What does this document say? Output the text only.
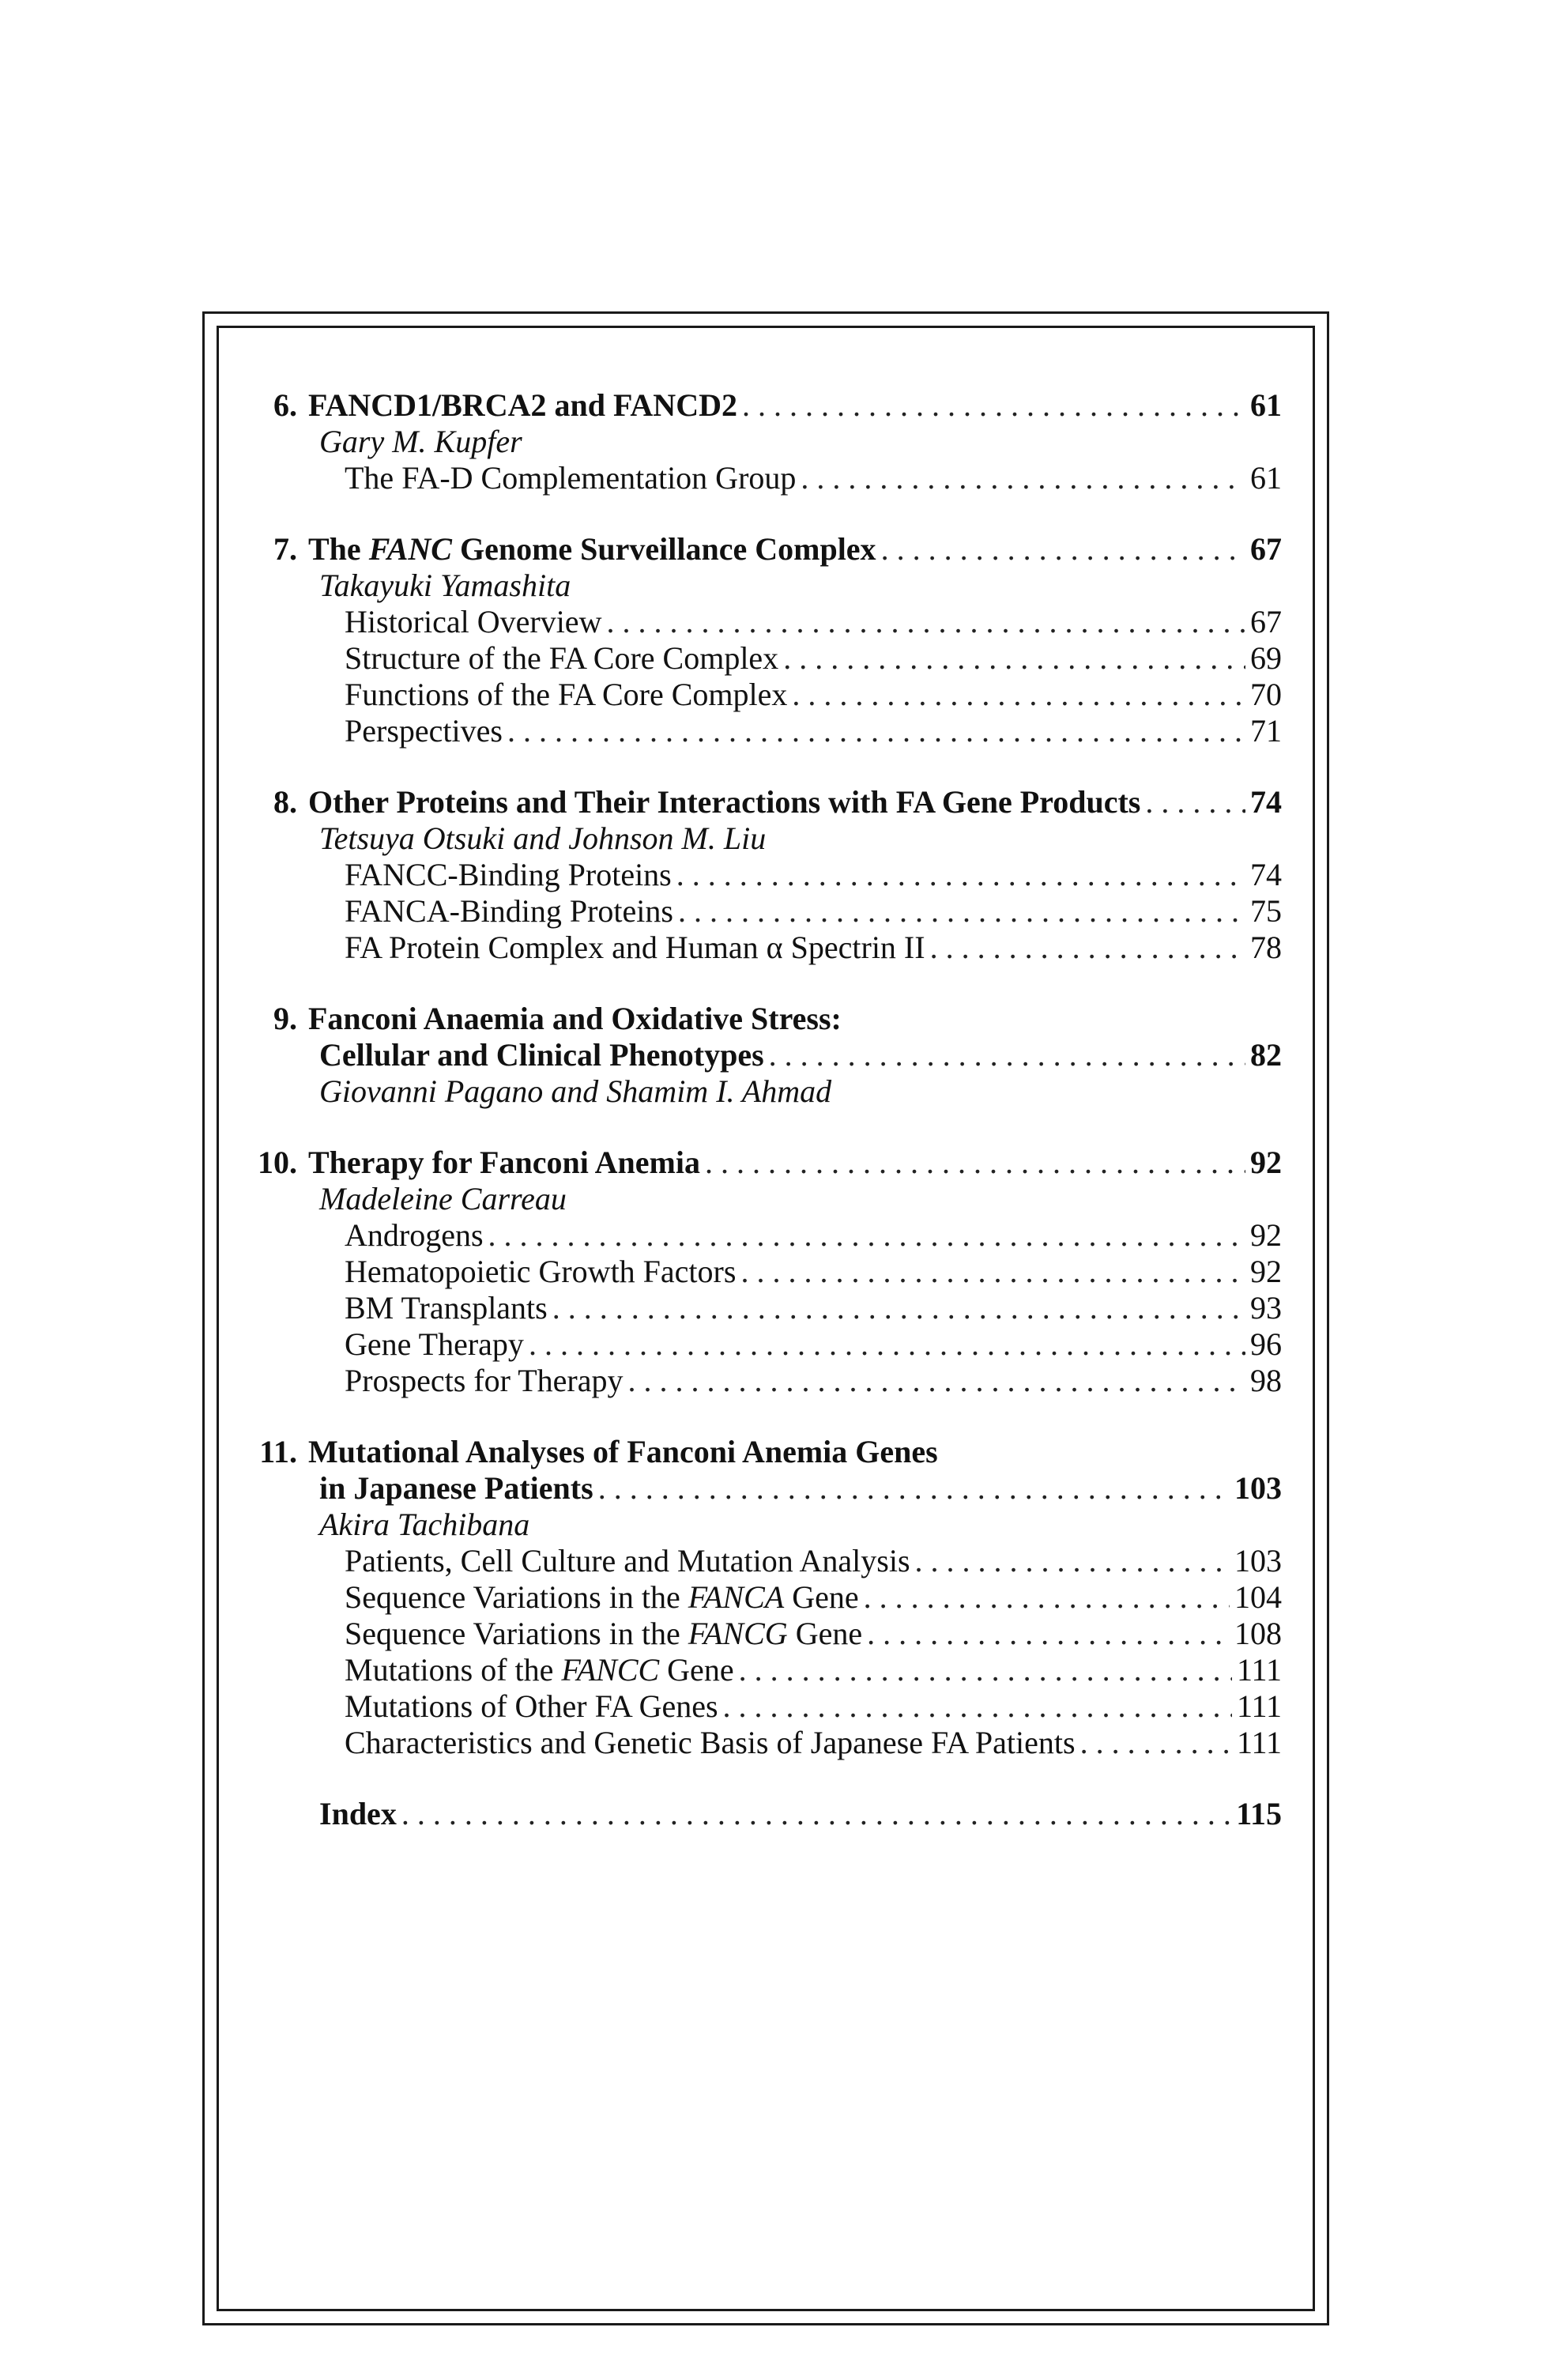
6. FANCD1/BRCA2 and FANCD2 . . .	61
Gary M. Kupfer
The FA-D Complementation Group . . .	61
7. The FANC Genome Surveillance Complex . . .	67
Takayuki Yamashita
Historical Overview . . .	67
Structure of the FA Core Complex . . .	69
Functions of the FA Core Complex . . .	70
Perspectives . . .	71
8. Other Proteins and Their Interactions with FA Gene Products . . .	74
Tetsuya Otsuki and Johnson M. Liu
FANCC-Binding Proteins . . .	74
FANCA-Binding Proteins . . .	75
FA Protein Complex and Human α Spectrin II . . .	78
9. Fanconi Anaemia and Oxidative Stress:
Cellular and Clinical Phenotypes . . .	82
Giovanni Pagano and Shamim I. Ahmad
10. Therapy for Fanconi Anemia . . .	92
Madeleine Carreau
Androgens . . .	92
Hematopoietic Growth Factors . . .	92
BM Transplants . . .	93
Gene Therapy . . .	96
Prospects for Therapy . . .	98
11. Mutational Analyses of Fanconi Anemia Genes
in Japanese Patients . . .	103
Akira Tachibana
Patients, Cell Culture and Mutation Analysis . . .	103
Sequence Variations in the FANCA Gene . . .	104
Sequence Variations in the FANCG Gene . . .	108
Mutations of the FANCC Gene . . .	111
Mutations of Other FA Genes . . .	111
Characteristics and Genetic Basis of Japanese FA Patients . . .	111
Index . . .	115
